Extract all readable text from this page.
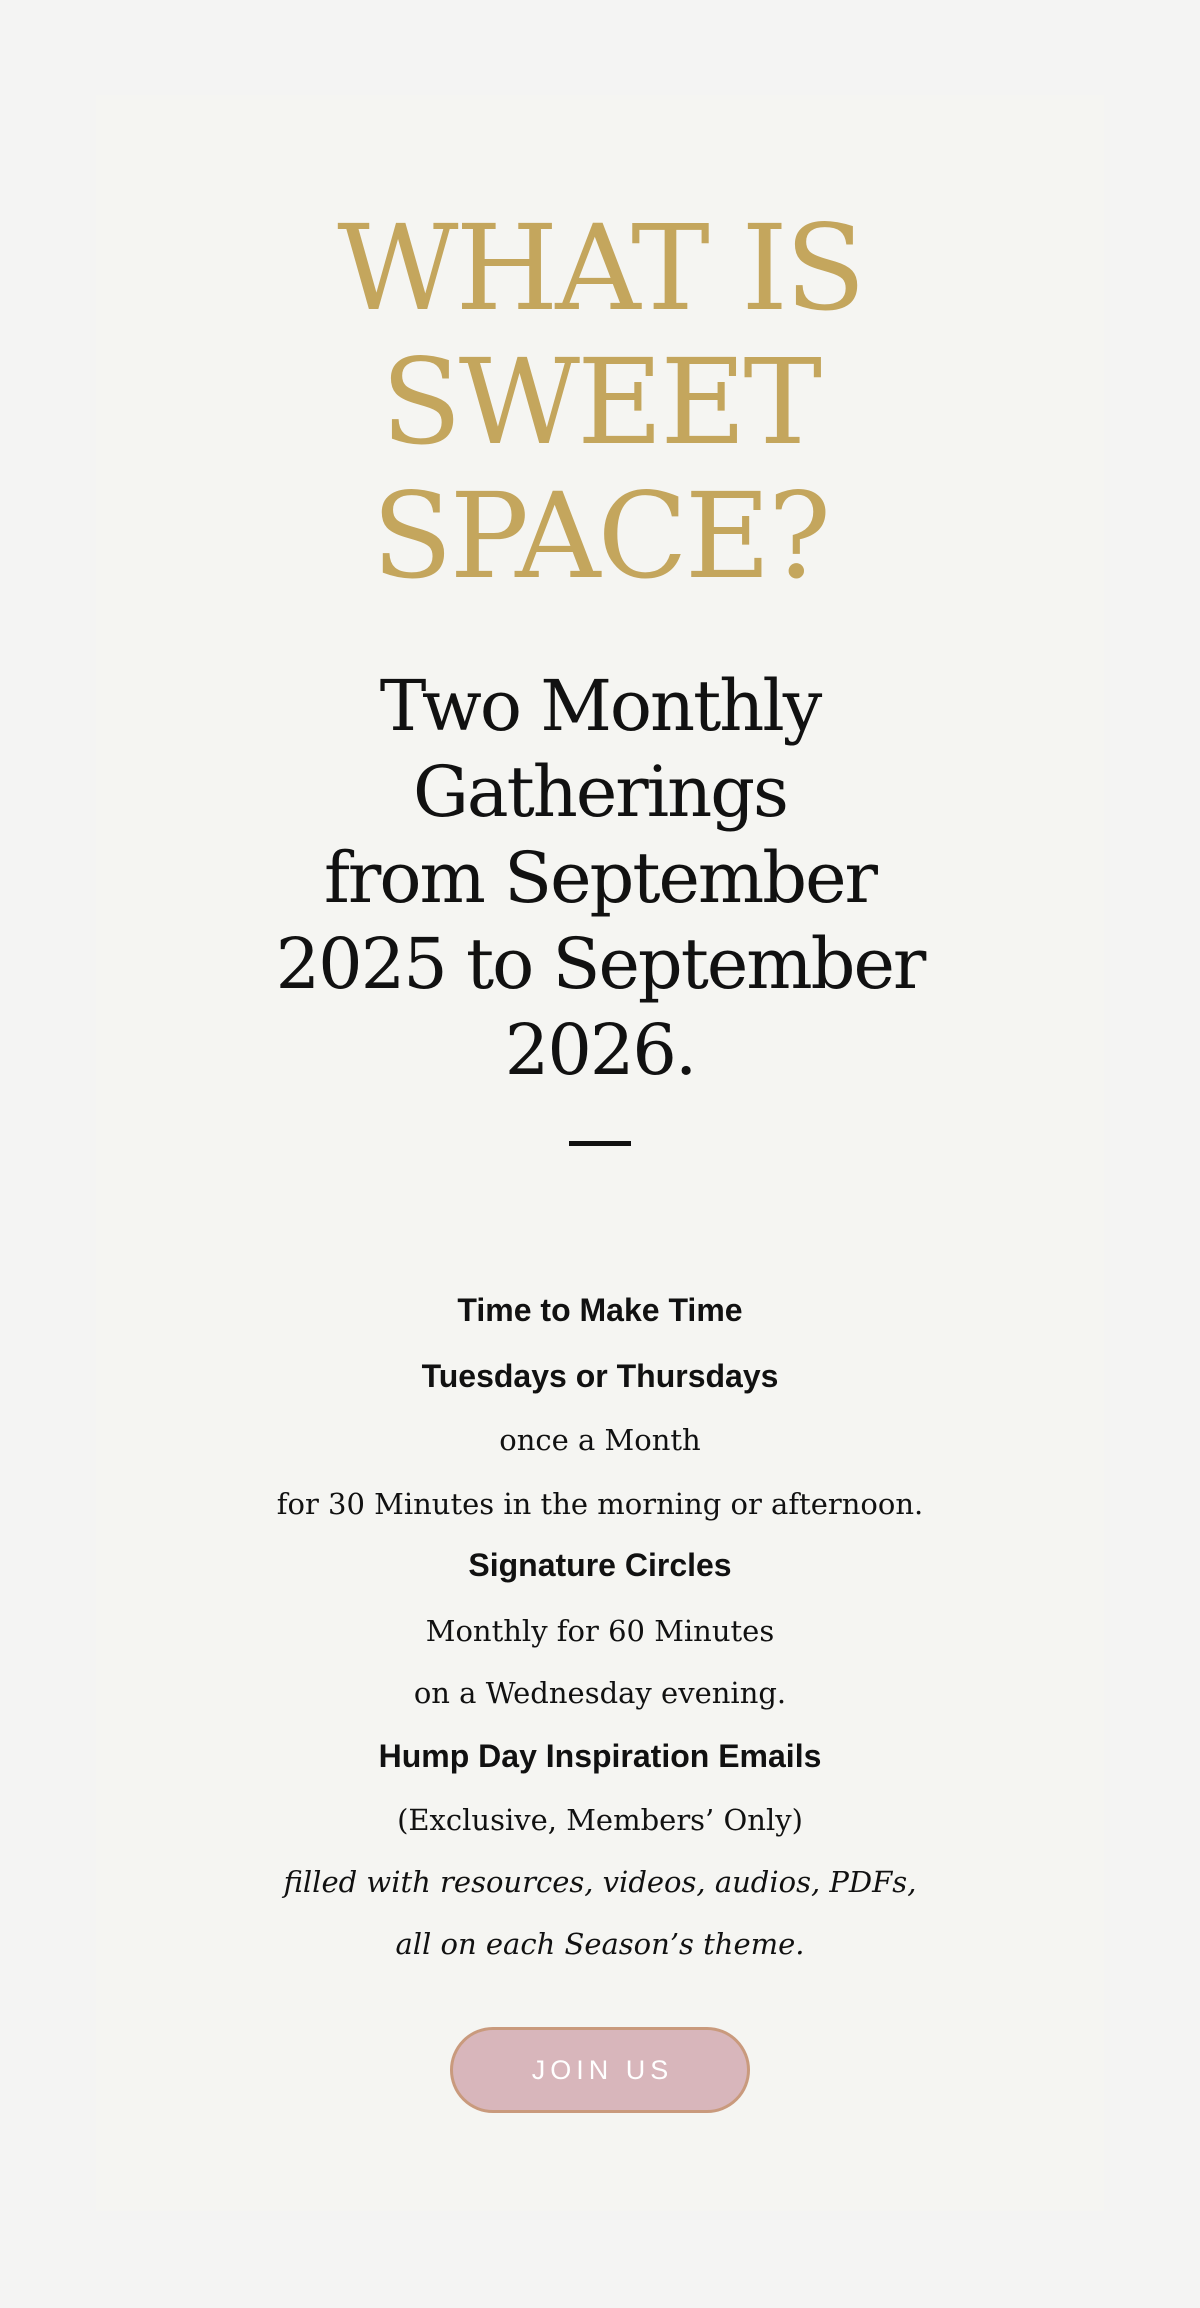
WHAT IS
SWEET
SPACE?
Two Monthly
Gatherings
from September
2025 to September
2026.

Time to Make Time

Tuesdays or Thursdays

once a Month

for 30 Minutes in the morning or afternoon.

Signature Circles

Monthly for 60 Minutes

on a Wednesday evening.

Hump Day Inspiration Emails

(Exclusive, Members’ Only)

filled with resources, videos, audios, PDFs,

all on each Season’s theme.

JOIN US
